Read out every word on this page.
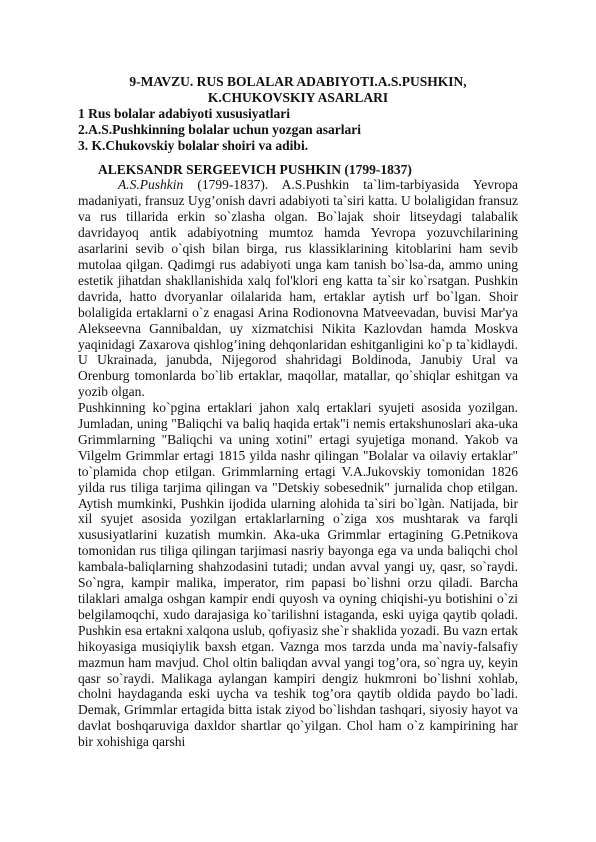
9-MAVZU. RUS BOLALAR ADABIYOTI.A.S.PUSHKIN,
K.CHUKOVSKIY ASARLARI
1 Rus bolalar adabiyoti xususiyatlari
2.A.S.Pushkinning bolalar uchun yozgan asarlari
3. K.Chukovskiy bolalar shoiri va adibi.
ALEKSANDR SERGEEVICH PUSHKIN (1799-1837)

A.S.Pushkin (1799-1837). A.S.Pushkin ta`lim-tarbiyasida Yevropa madaniyati, fransuz Uyg’onish davri adabiyoti ta`siri katta. U bolaligidan fransuz va rus tillarida erkin so`zlasha olgan. Bo`lajak shoir litseydagi talabalik davridayoq antik adabiyotning mumtoz hamda Yevropa yozuvchilarining asarlarini sevib o`qish bilan birga, rus klassiklarining kitoblarini ham sevib mutolaa qilgan. Qadimgi rus adabiyoti unga kam tanish bo`lsa-da, ammo uning estetik jihatdan shakllanishida xalq fol'klori eng katta ta`sir ko`rsatgan. Pushkin davrida, hatto dvoryanlar oilalarida ham, ertaklar aytish urf bo`lgan. Shoir bolaligida ertaklarni o`z enagasi Arina Rodionovna Matveevadan, buvisi Mar'ya Alekseevna Gannibaldan, uy xizmatchisi Nikita Kazlovdan hamda Moskva yaqinidagi Zaxarova qishlog’ining dehqonlaridan eshitganligini ko`p ta`kidlaydi. U Ukrainada, janubda, Nijegorod shahridagi Boldinoda, Janubiy Ural va Orenburg tomonlarda bo`lib ertaklar, maqollar, matallar, qo`shiqlar eshitgan va yozib olgan.

Pushkinning ko`pgina ertaklari jahon xalq ertaklari syujeti asosida yozilgan. Jumladan, uning "Baliqchi va baliq haqida ertak"i nemis ertakshunoslari aka-uka Grimmlarning "Baliqchi va uning xotini" ertagi syujetiga monand. Yakob va Vilgelm Grimmlar ertagi 1815 yilda nashr qilingan "Bolalar va oilaviy ertaklar" to`plamida chop etilgan. Grimmlarning ertagi V.A.Jukovskiy tomonidan 1826 yilda rus tiliga tarjima qilingan va "Detskiy sobesednik" jurnalida chop etilgan. Aytish mumkinki, Pushkin ijodida ularning alohida ta`siri bo`lgàn. Natijada, bir xil syujet asosida yozilgan ertaklarlarning o`ziga xos mushtarak va farqli xususiyatlarini kuzatish mumkin. Aka-uka Grimmlar ertagining G.Petnikova tomonidan rus tiliga qilingan tarjimasi nasriy bayonga ega va unda baliqchi chol kambala-baliqlarning shahzodasini tutadi; undan avval yangi uy, qasr, so`raydi. So`ngra, kampir malika, imperator, rim papasi bo`lishni orzu qiladi. Barcha tilaklari amalga oshgan kampir endi quyosh va oyning chiqishi-yu botishini o`zi belgilamoqchi, xudo darajasiga ko`tarilishni istaganda, eski uyiga qaytib qoladi. Pushkin esa ertakni xalqona uslub, qofiyasiz she`r shaklida yozadi. Bu vazn ertak hikoyasiga musiqiylik baxsh etgan. Vaznga mos tarzda unda ma`naviy-falsafiy mazmun ham mavjud. Chol oltin baliqdan avval yangi tog’ora, so`ngra uy, keyin qasr so`raydi. Malikaga aylangan kampiri dengiz hukmroni bo`lishni xohlab, cholni haydaganda eski uycha va teshik tog’ora qaytib oldida paydo bo`ladi. Demak, Grimmlar ertagida bitta istak ziyod bo`lishdan tashqari, siyosiy hayot va davlat boshqaruviga daxldor shartlar qo`yilgan. Chol ham o`z kampirining har bir xohishiga qarshi
